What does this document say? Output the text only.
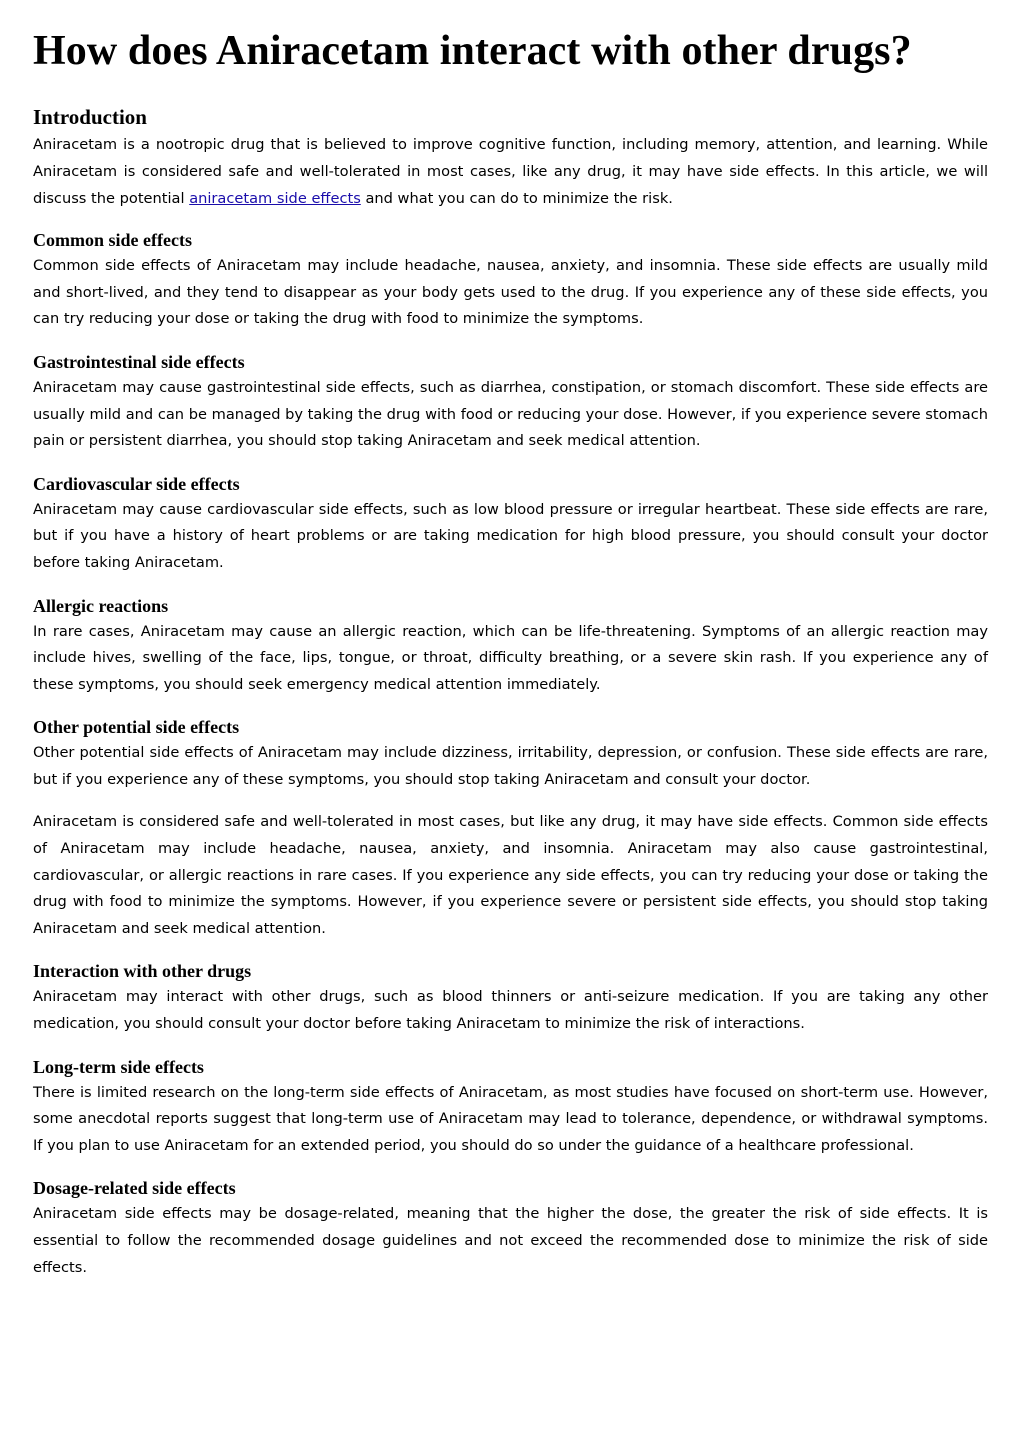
How does Aniracetam interact with other drugs?
Introduction

Aniracetam is a nootropic drug that is believed to improve cognitive function, including memory, attention, and learning. While Aniracetam is considered safe and well-tolerated in most cases, like any drug, it may have side effects. In this article, we will discuss the potential aniracetam side effects and what you can do to minimize the risk.

Common side effects

Common side effects of Aniracetam may include headache, nausea, anxiety, and insomnia. These side effects are usually mild and short-lived, and they tend to disappear as your body gets used to the drug. If you experience any of these side effects, you can try reducing your dose or taking the drug with food to minimize the symptoms.

Gastrointestinal side effects

Aniracetam may cause gastrointestinal side effects, such as diarrhea, constipation, or stomach discomfort. These side effects are usually mild and can be managed by taking the drug with food or reducing your dose. However, if you experience severe stomach pain or persistent diarrhea, you should stop taking Aniracetam and seek medical attention.

Cardiovascular side effects

Aniracetam may cause cardiovascular side effects, such as low blood pressure or irregular heartbeat. These side effects are rare, but if you have a history of heart problems or are taking medication for high blood pressure, you should consult your doctor before taking Aniracetam.

Allergic reactions

In rare cases, Aniracetam may cause an allergic reaction, which can be life-threatening. Symptoms of an allergic reaction may include hives, swelling of the face, lips, tongue, or throat, difficulty breathing, or a severe skin rash. If you experience any of these symptoms, you should seek emergency medical attention immediately.

Other potential side effects

Other potential side effects of Aniracetam may include dizziness, irritability, depression, or confusion. These side effects are rare, but if you experience any of these symptoms, you should stop taking Aniracetam and consult your doctor.

Aniracetam is considered safe and well-tolerated in most cases, but like any drug, it may have side effects. Common side effects of Aniracetam may include headache, nausea, anxiety, and insomnia. Aniracetam may also cause gastrointestinal, cardiovascular, or allergic reactions in rare cases. If you experience any side effects, you can try reducing your dose or taking the drug with food to minimize the symptoms. However, if you experience severe or persistent side effects, you should stop taking Aniracetam and seek medical attention.

Interaction with other drugs

Aniracetam may interact with other drugs, such as blood thinners or anti-seizure medication. If you are taking any other medication, you should consult your doctor before taking Aniracetam to minimize the risk of interactions.

Long-term side effects

There is limited research on the long-term side effects of Aniracetam, as most studies have focused on short-term use. However, some anecdotal reports suggest that long-term use of Aniracetam may lead to tolerance, dependence, or withdrawal symptoms. If you plan to use Aniracetam for an extended period, you should do so under the guidance of a healthcare professional.

Dosage-related side effects

Aniracetam side effects may be dosage-related, meaning that the higher the dose, the greater the risk of side effects. It is essential to follow the recommended dosage guidelines and not exceed the recommended dose to minimize the risk of side effects.
